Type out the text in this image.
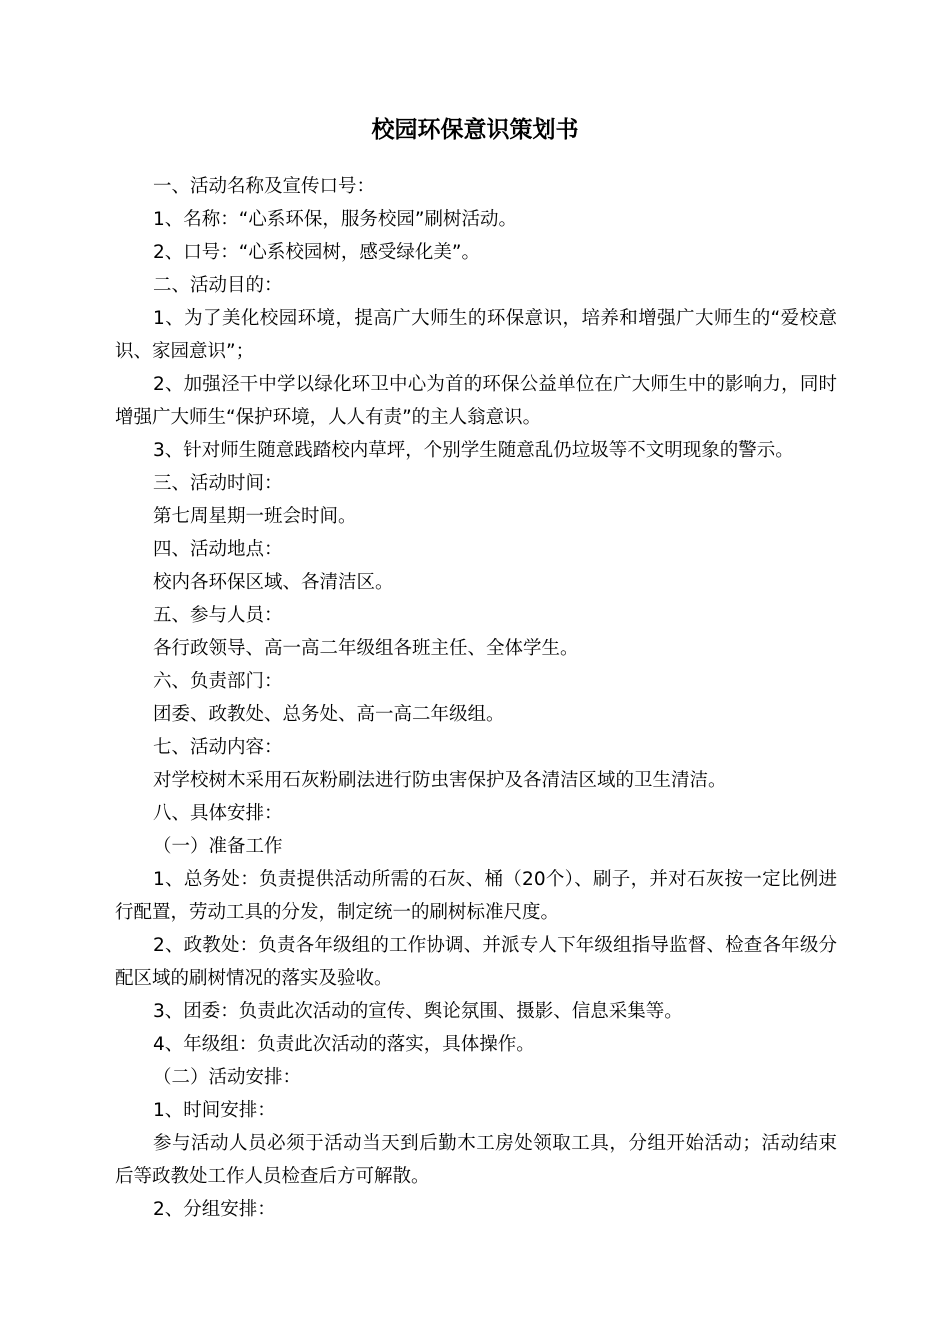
校园环保意识策划书

一、活动名称及宣传口号：

1、名称：“心系环保，服务校园”刷树活动。

2、口号：“心系校园树，感受绿化美”。

二、活动目的：

1、为了美化校园环境，提高广大师生的环保意识，培养和增强广大师生的“爱校意识、家园意识”；

2、加强泾干中学以绿化环卫中心为首的环保公益单位在广大师生中的影响力，同时增强广大师生“保护环境，人人有责”的主人翁意识。

3、针对师生随意践踏校内草坪，个别学生随意乱仍垃圾等不文明现象的警示。

三、活动时间：

第七周星期一班会时间。

四、活动地点：

校内各环保区域、各清洁区。

五、参与人员：

各行政领导、高一高二年级组各班主任、全体学生。

六、负责部门：

团委、政教处、总务处、高一高二年级组。

七、活动内容：

对学校树木采用石灰粉刷法进行防虫害保护及各清洁区域的卫生清洁。

八、具体安排：

（一）准备工作

1、总务处：负责提供活动所需的石灰、桶（20个）、刷子，并对石灰按一定比例进行配置，劳动工具的分发，制定统一的刷树标准尺度。

2、政教处：负责各年级组的工作协调、并派专人下年级组指导监督、检查各年级分配区域的刷树情况的落实及验收。

3、团委：负责此次活动的宣传、舆论氛围、摄影、信息采集等。

4、年级组：负责此次活动的落实，具体操作。

（二）活动安排：

1、时间安排：

参与活动人员必须于活动当天到后勤木工房处领取工具，分组开始活动；活动结束后等政教处工作人员检查后方可解散。

2、分组安排：
